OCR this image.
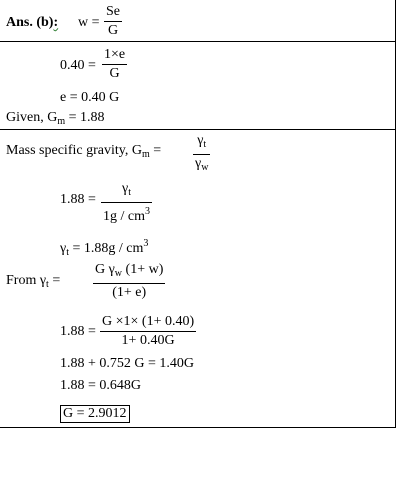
Ans. (b): w =
Se
G
0.40 =
1×e
G
e = 0.40 G
Given, $G_m = 1.88$
Mass specific gravity, $G_m$ =
$\gamma_t$
$\gamma_w$
1.88 =
$\gamma_t$
$1g / cm^3$
$\gamma_t = 1.88g / cm^3$
From $\gamma_t$ =
G $\gamma_w$ (1+ w)
(1+ e)
1.88 =
G ×1× (1+ 0.40)
1+ 0.40G
1.88 + 0.752 G = 1.40G
1.88 = 0.648G
G = 2.9012
